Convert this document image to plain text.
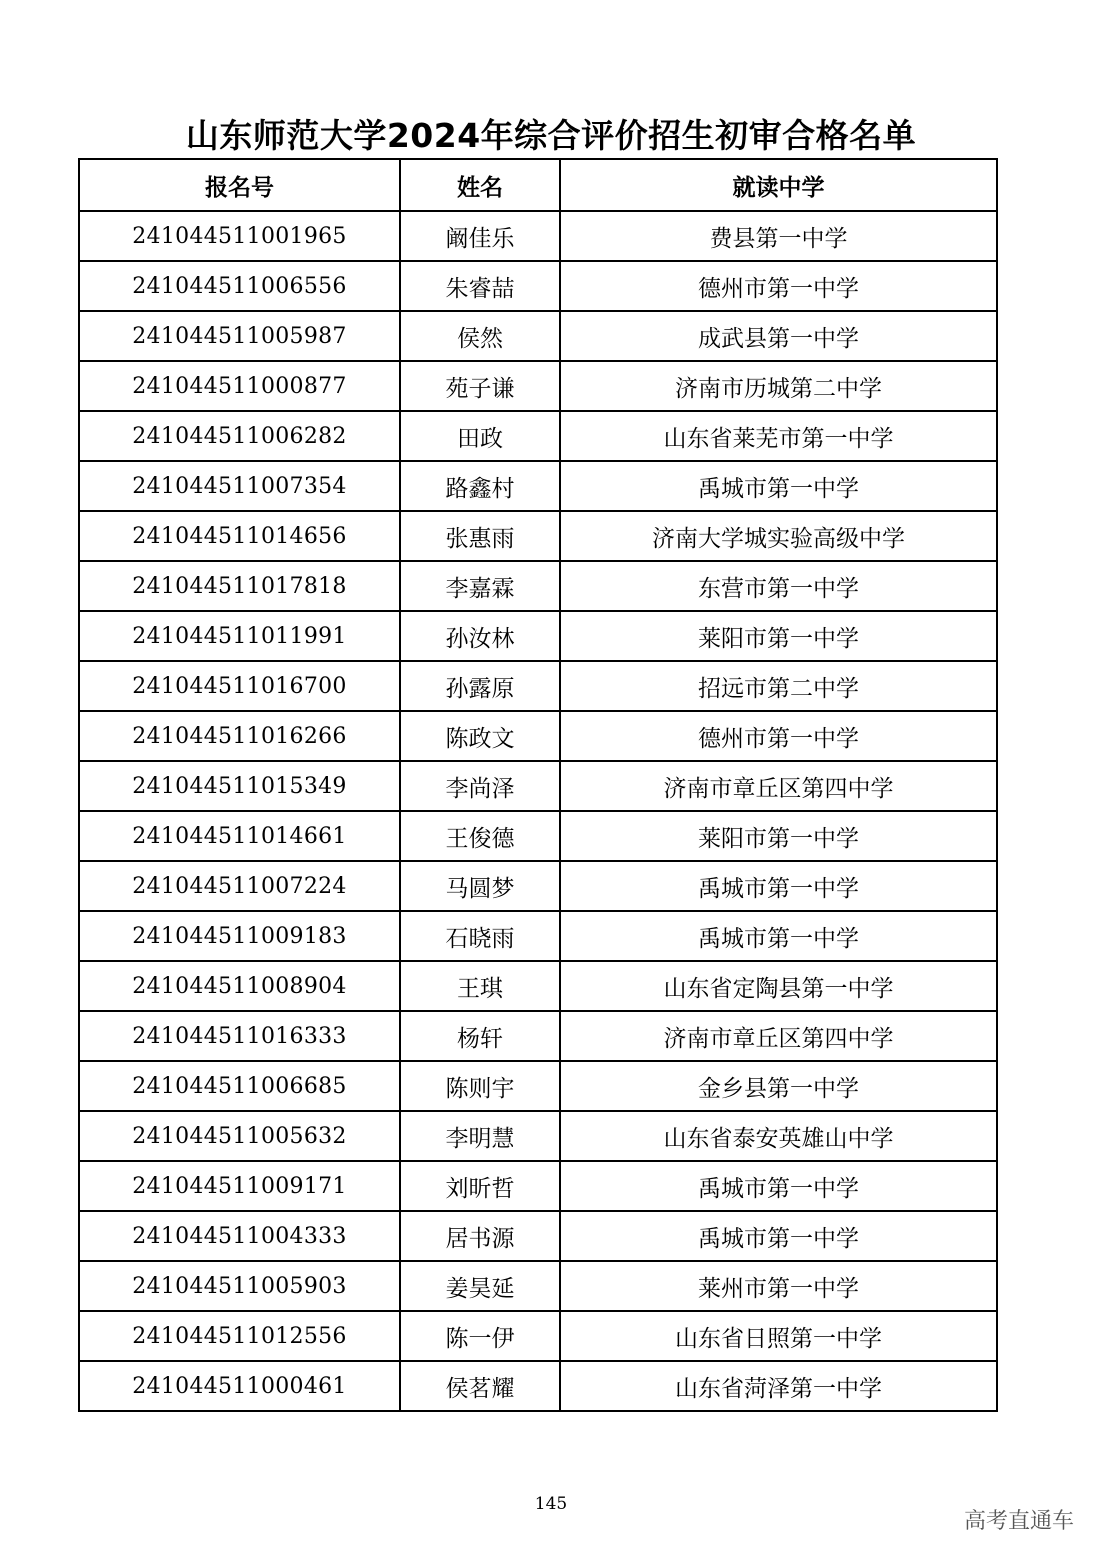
山东师范大学2024年综合评价招生初审合格名单
报名号	姓名	就读中学
241044511001965	阚佳乐	费县第一中学
241044511006556	朱睿喆	德州市第一中学
241044511005987	侯然	成武县第一中学
241044511000877	苑子谦	济南市历城第二中学
241044511006282	田政	山东省莱芜市第一中学
241044511007354	路鑫村	禹城市第一中学
241044511014656	张惠雨	济南大学城实验高级中学
241044511017818	李嘉霖	东营市第一中学
241044511011991	孙汝林	莱阳市第一中学
241044511016700	孙露原	招远市第二中学
241044511016266	陈政文	德州市第一中学
241044511015349	李尚泽	济南市章丘区第四中学
241044511014661	王俊德	莱阳市第一中学
241044511007224	马圆梦	禹城市第一中学
241044511009183	石晓雨	禹城市第一中学
241044511008904	王琪	山东省定陶县第一中学
241044511016333	杨轩	济南市章丘区第四中学
241044511006685	陈则宇	金乡县第一中学
241044511005632	李明慧	山东省泰安英雄山中学
241044511009171	刘昕哲	禹城市第一中学
241044511004333	居书源	禹城市第一中学
241044511005903	姜昊延	莱州市第一中学
241044511012556	陈一伊	山东省日照第一中学
241044511000461	侯茗耀	山东省菏泽第一中学
145
高考直通车
